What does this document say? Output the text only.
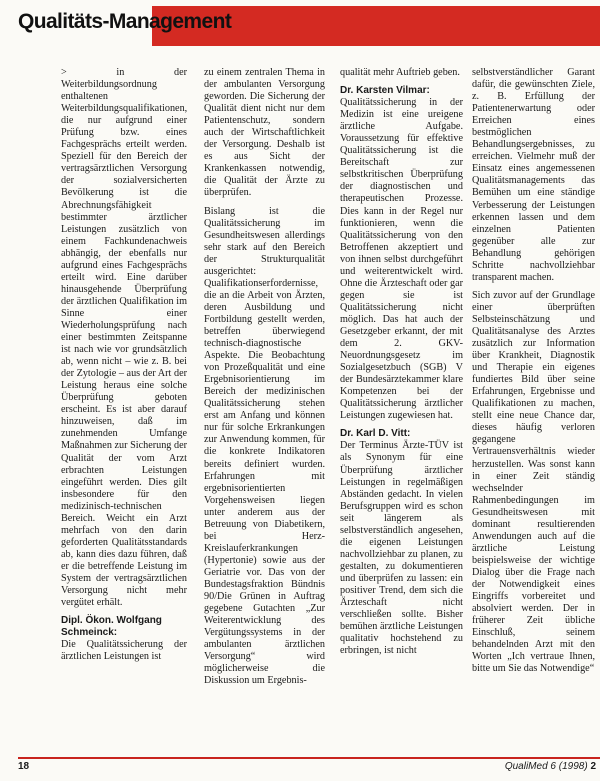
Qualitäts-Management

> in der Weiterbildungsordnung enthaltenen Weiterbildungsqualifikationen, die nur aufgrund einer Prüfung bzw. eines Fachgesprächs erteilt werden. Speziell für den Bereich der vertragsärztlichen Versorgung der sozialversicherten Bevölkerung ist die Abrechnungsfähigkeit bestimmter ärztlicher Leistungen zusätzlich von einem Fachkundenachweis abhängig, der ebenfalls nur aufgrund eines Fachgesprächs erteilt wird. Eine darüber hinausgehende Überprüfung der ärztlichen Qualifikation im Sinne einer Wiederholungsprüfung nach einer bestimmten Zeitspanne ist nach wie vor grundsätzlich ab, wenn nicht – wie z. B. bei der Zytologie – aus der Art der Leistung heraus eine solche Überprüfung geboten erscheint. Es ist aber darauf hinzuweisen, daß im zunehmenden Umfange Maßnahmen zur Sicherung der Qualität der vom Arzt erbrachten Leistungen eingeführt werden. Dies gilt insbesondere für den medizinisch-technischen Bereich. Weicht ein Arzt mehrfach von den darin geforderten Qualitätsstandards ab, kann dies dazu führen, daß er die betreffende Leistung im System der vertragsärztlichen Versorgung nicht mehr vergütet erhält.

Dipl. Ökon. Wolfgang Schmeinck:

Die Qualitätssicherung der ärztlichen Leistungen ist

zu einem zentralen Thema in der ambulanten Versorgung geworden. Die Sicherung der Qualität dient nicht nur dem Patientenschutz, sondern auch der Wirtschaftlichkeit der Versorgung. Deshalb ist es aus Sicht der Krankenkassen notwendig, die Qualität der Ärzte zu überprüfen.

Bislang ist die Qualitätssicherung im Gesundheitswesen allerdings sehr stark auf den Bereich der Strukturqualität ausgerichtet: Qualifikationserfordernisse, die an die Arbeit von Ärzten, deren Ausbildung und Fortbildung gestellt werden, betreffen überwiegend technisch-diagnostische Aspekte. Die Beobachtung von Prozeßqualität und eine Ergebnisorientierung im Bereich der medizinischen Qualitätssicherung stehen erst am Anfang und können nur für solche Erkrankungen zur Anwendung kommen, für die konkrete Indikatoren bereits definiert wurden. Erfahrungen mit ergebnisorientierten Vorgehensweisen liegen unter anderem aus der Betreuung von Diabetikern, bei Herz-Kreislauferkrankungen (Hypertonie) sowie aus der Geriatrie vor. Das von der Bundestagsfraktion Bündnis 90/Die Grünen in Auftrag gegebene Gutachten „Zur Weiterentwicklung des Vergütungssystems in der ambulanten ärztlichen Versorgung“ wird möglicherweise die Diskussion um Ergebnis-

qualität mehr Auftrieb geben.

Dr. Karsten Vilmar:

Qualitätssicherung in der Medizin ist eine ureigene ärztliche Aufgabe. Voraussetzung für effektive Qualitätssicherung ist die Bereitschaft zur selbstkritischen Überprüfung der diagnostischen und therapeutischen Prozesse. Dies kann in der Regel nur funktionieren, wenn die Qualitätssicherung von den Betroffenen akzeptiert und von ihnen selbst durchgeführt und weiterentwickelt wird. Ohne die Ärzteschaft oder gar gegen sie ist Qualitätssicherung nicht möglich. Das hat auch der Gesetzgeber erkannt, der mit dem 2. GKV-Neuordnungsgesetz im Sozialgesetzbuch (SGB) V der Bundesärztekammer klare Kompetenzen bei der Qualitätssicherung ärztlicher Leistungen zugewiesen hat.

Dr. Karl D. Vitt:

Der Terminus Ärzte-TÜV ist als Synonym für eine Überprüfung ärztlicher Leistungen in regelmäßigen Abständen gedacht. In vielen Berufsgruppen wird es schon seit längerem als selbstverständlich angesehen, die eigenen Leistungen nachvollziehbar zu planen, zu gestalten, zu dokumentieren und überprüfen zu lassen: ein positiver Trend, dem sich die Ärzteschaft nicht verschließen sollte. Bisher bemühen ärztliche Leistungen qualitativ hochstehend zu erbringen, ist nicht

selbstverständlicher Garant dafür, die gewünschten Ziele, z. B. Erfüllung der Patientenerwartung oder Erreichen eines bestmöglichen Behandlungsergebnisses, zu erreichen. Vielmehr muß der Einsatz eines angemessenen Qualitätsmanagements das Bemühen um eine ständige Verbesserung der Leistungen erkennen lassen und dem einzelnen Patienten gegenüber alle zur Behandlung gehörigen Schritte nachvollziehbar transparent machen.

Sich zuvor auf der Grundlage einer überprüften Selbsteinschätzung und Qualitätsanalyse des Arztes zusätzlich zur Information über Krankheit, Diagnostik und Therapie ein eigenes fundiertes Bild über seine Erfahrungen, Ergebnisse und Qualifikationen zu machen, stellt eine neue Chance dar, dieses häufig verloren gegangene Vertrauensverhältnis wieder herzustellen. Was sonst kann in einer Zeit ständig wechselnder Rahmenbedingungen im Gesundheitswesen mit dominant resultierenden Anwendungen auch auf die ärztliche Leistung beispielsweise der wichtige Dialog über die Frage nach der Notwendigkeit eines Eingriffs vorbereitet und absolviert werden. Der in früherer Zeit übliche Einschluß, seinem behandelnden Arzt mit den Worten „Ich vertraue Ihnen, bitte um Sie das Notwendige“

18	QualiMed 6 (1998) 2
